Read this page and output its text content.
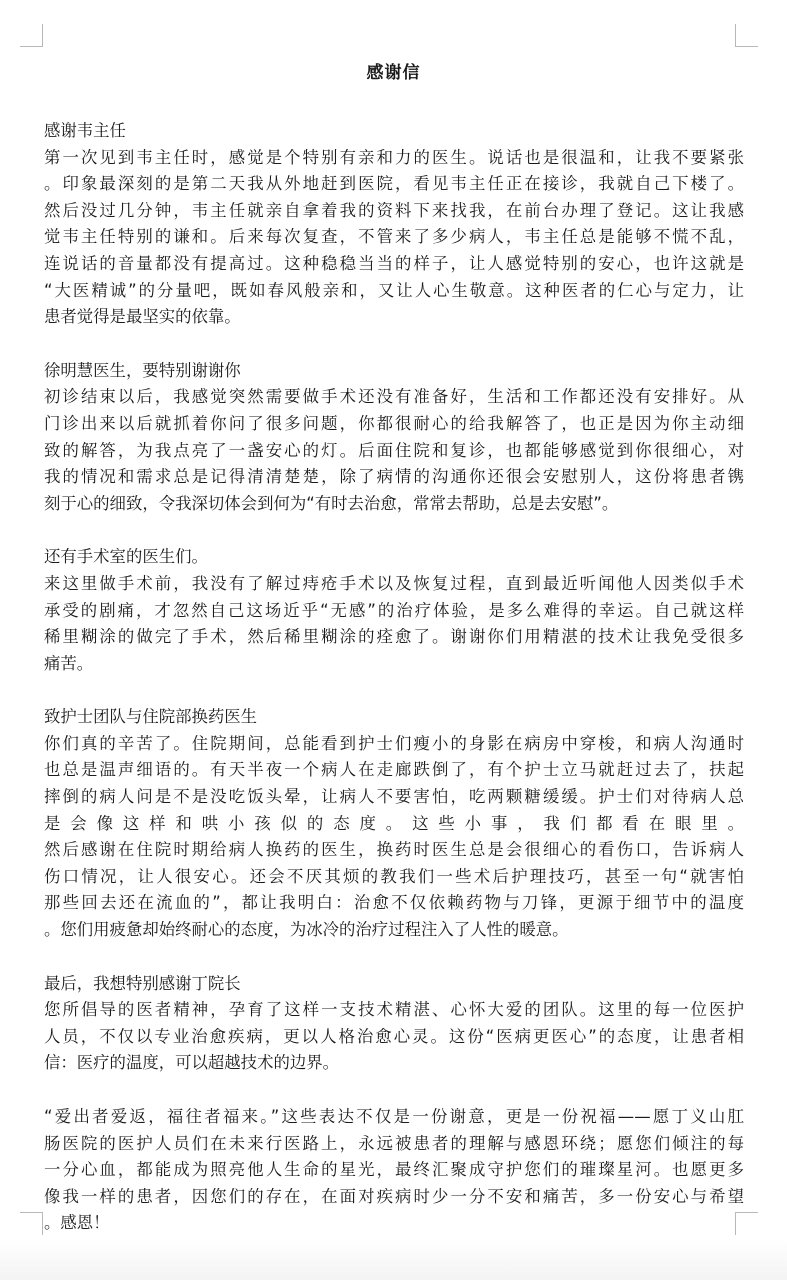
感谢信
感谢韦主任
第一次见到韦主任时，感觉是个特别有亲和力的医生。说话也是很温和，让我不要紧张
。印象最深刻的是第二天我从外地赶到医院，看见韦主任正在接诊，我就自己下楼了。
然后没过几分钟，韦主任就亲自拿着我的资料下来找我，在前台办理了登记。这让我感
觉韦主任特别的谦和。后来每次复查，不管来了多少病人，韦主任总是能够不慌不乱，
连说话的音量都没有提高过。这种稳稳当当的样子，让人感觉特别的安心，也许这就是
“大医精诚”的分量吧，既如春风般亲和，又让人心生敬意。这种医者的仁心与定力，让
患者觉得是最坚实的依靠。
徐明慧医生，要特别谢谢你
初诊结束以后，我感觉突然需要做手术还没有准备好，生活和工作都还没有安排好。从
门诊出来以后就抓着你问了很多问题，你都很耐心的给我解答了，也正是因为你主动细
致的解答，为我点亮了一盏安心的灯。后面住院和复诊，也都能够感觉到你很细心，对
我的情况和需求总是记得清清楚楚，除了病情的沟通你还很会安慰别人，这份将患者镌
刻于心的细致，令我深切体会到何为“有时去治愈，常常去帮助，总是去安慰”。
还有手术室的医生们。
来这里做手术前，我没有了解过痔疮手术以及恢复过程，直到最近听闻他人因类似手术
承受的剧痛，才忽然自己这场近乎“无感”的治疗体验，是多么难得的幸运。自己就这样
稀里糊涂的做完了手术，然后稀里糊涂的痊愈了。谢谢你们用精湛的技术让我免受很多
痛苦。
致护士团队与住院部换药医生
你们真的辛苦了。住院期间，总能看到护士们瘦小的身影在病房中穿梭，和病人沟通时
也总是温声细语的。有天半夜一个病人在走廊跌倒了，有个护士立马就赶过去了，扶起
摔倒的病人问是不是没吃饭头晕，让病人不要害怕，吃两颗糖缓缓。护士们对待病人总
是会像这样和哄小孩似的态度。这些小事，我们都看在眼里。
然后感谢在住院时期给病人换药的医生，换药时医生总是会很细心的看伤口，告诉病人
伤口情况，让人很安心。还会不厌其烦的教我们一些术后护理技巧，甚至一句“就害怕
那些回去还在流血的”，都让我明白：治愈不仅依赖药物与刀锋，更源于细节中的温度
。您们用疲惫却始终耐心的态度，为冰冷的治疗过程注入了人性的暖意。
最后，我想特别感谢丁院长
您所倡导的医者精神，孕育了这样一支技术精湛、心怀大爱的团队。这里的每一位医护
人员，不仅以专业治愈疾病，更以人格治愈心灵。这份“医病更医心”的态度，让患者相
信：医疗的温度，可以超越技术的边界。
“爱出者爱返，福往者福来。”这些表达不仅是一份谢意，更是一份祝福——愿丁义山肛
肠医院的医护人员们在未来行医路上，永远被患者的理解与感恩环绕；愿您们倾注的每
一分心血，都能成为照亮他人生命的星光，最终汇聚成守护您们的璀璨星河。也愿更多
像我一样的患者，因您们的存在，在面对疾病时少一分不安和痛苦，多一份安心与希望
。感恩！
